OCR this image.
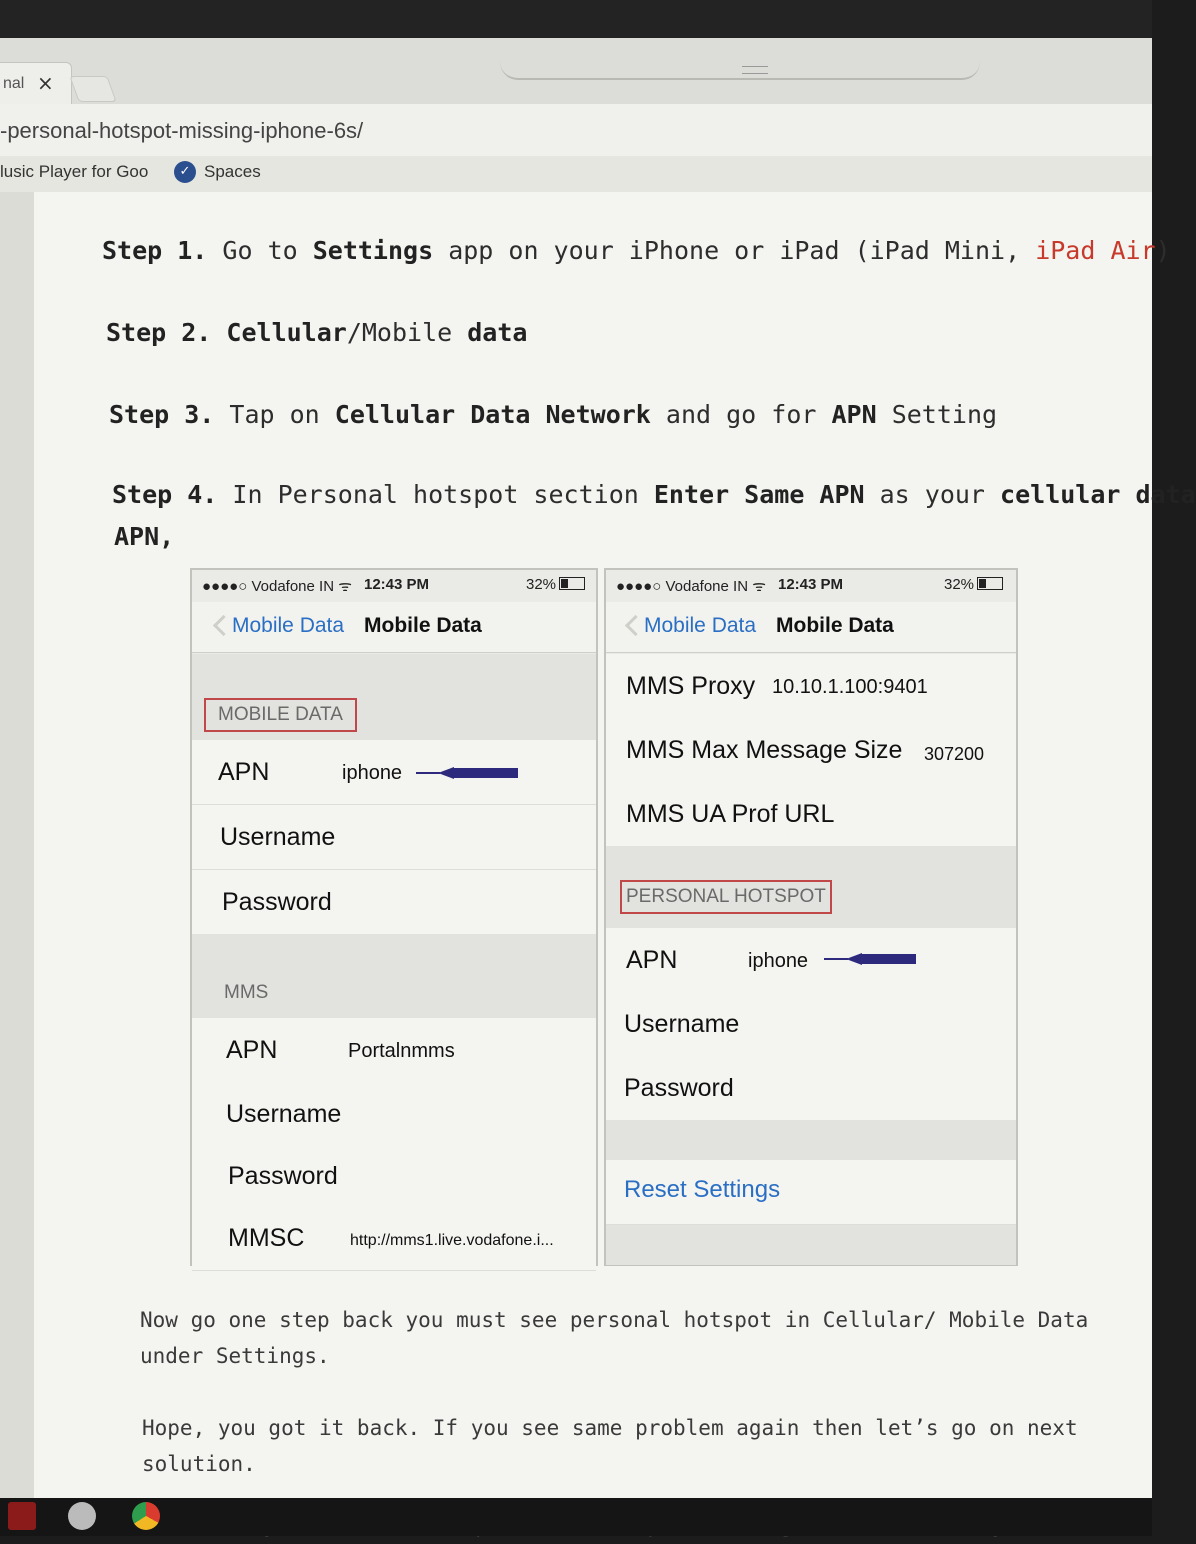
nal ×
-personal-hotspot-missing-iphone-6s/
lusic Player for Goo	✓ Spaces
Step 1. Go to Settings app on your iPhone or iPad (iPad Mini, iPad Air)
Step 2. Cellular/Mobile data
Step 3. Tap on Cellular Data Network and go for APN Setting
Step 4. In Personal hotspot section Enter Same APN as your cellular data
APN,
●●●●○ Vodafone IN ᯤ 12:43 PM	32%
Mobile Data Mobile Data
MOBILE DATA
APN	iphone
Username
Password
MMS
APN	Portalnmms
Username
Password
MMSC	http://mms1.live.vodafone.i...
●●●●○ Vodafone IN ᯤ 12:43 PM	32%
Mobile Data Mobile Data
MMS Proxy 10.10.1.100:9401
MMS Max Message Size 307200
MMS UA Prof URL
PERSONAL HOTSPOT
APN	iphone
Username
Password
Reset Settings
Now go one step back you must see personal hotspot in Cellular/ Mobile Data
under Settings.
Hope, you got it back. If you see same problem again then let’s go on next
solution.
